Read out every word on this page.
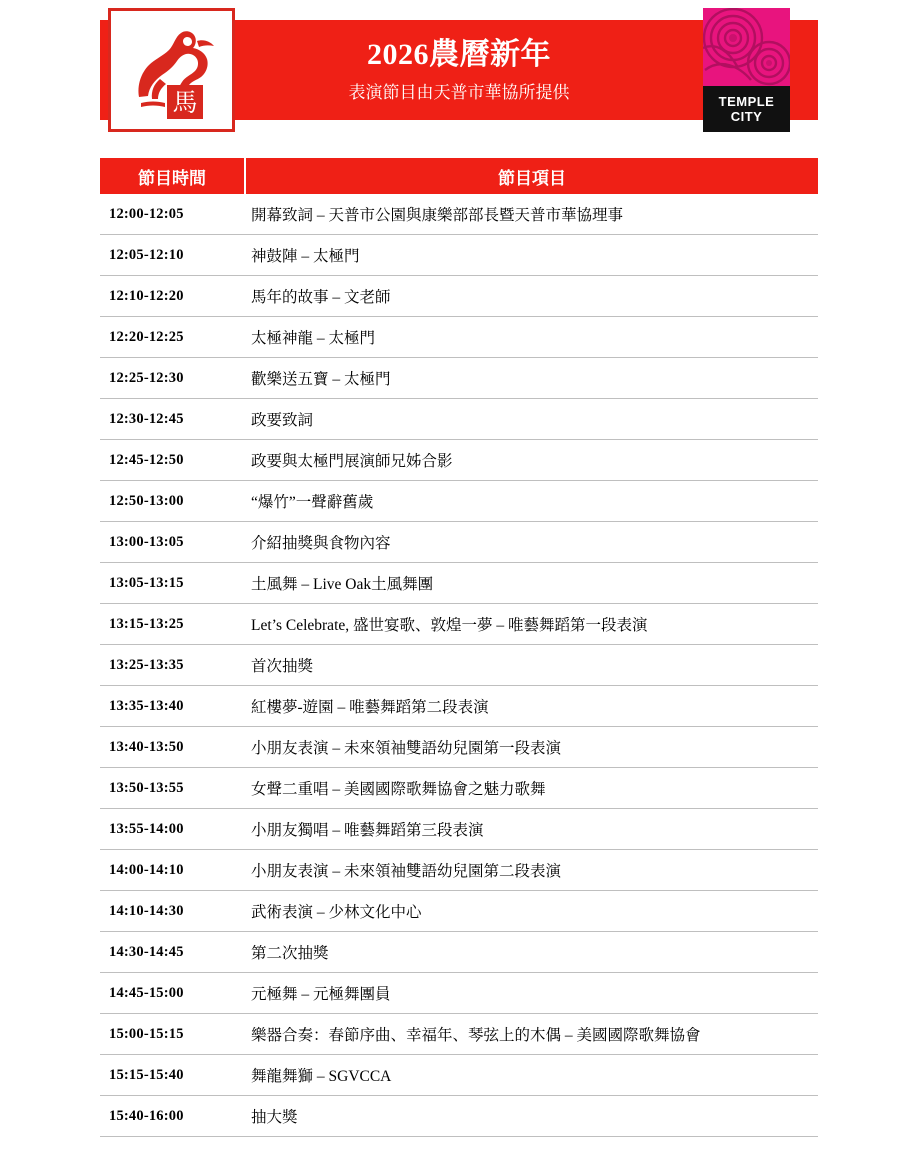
2026農曆新年
表演節目由天普市華協所提供
馬	TEMPLE
CITY
節目時間	節目項目
12:00-12:05	開幕致詞 – 天普市公園與康樂部部長暨天普市華協理事
12:05-12:10	神鼓陣 – 太極門
12:10-12:20	馬年的故事 – 文老師
12:20-12:25	太極神龍 – 太極門
12:25-12:30	歡樂送五寶 – 太極門
12:30-12:45	政要致詞
12:45-12:50	政要與太極門展演師兄姊合影
12:50-13:00	“爆竹”一聲辭舊歲
13:00-13:05	介紹抽獎與食物內容
13:05-13:15	土風舞 – Live Oak土風舞團
13:15-13:25	Let’s Celebrate, 盛世宴歌、敦煌一夢 – 唯藝舞蹈第一段表演
13:25-13:35	首次抽獎
13:35-13:40	紅樓夢-遊園 – 唯藝舞蹈第二段表演
13:40-13:50	小朋友表演 – 未來領袖雙語幼兒園第一段表演
13:50-13:55	女聲二重唱 – 美國國際歌舞協會之魅力歌舞
13:55-14:00	小朋友獨唱 – 唯藝舞蹈第三段表演
14:00-14:10	小朋友表演 – 未來領袖雙語幼兒園第二段表演
14:10-14:30	武術表演 – 少林文化中心
14:30-14:45	第二次抽獎
14:45-15:00	元極舞 – 元極舞團員
15:00-15:15	樂器合奏：春節序曲、幸福年、琴弦上的木偶 – 美國國際歌舞協會
15:15-15:40	舞龍舞獅 – SGVCCA
15:40-16:00	抽大獎
